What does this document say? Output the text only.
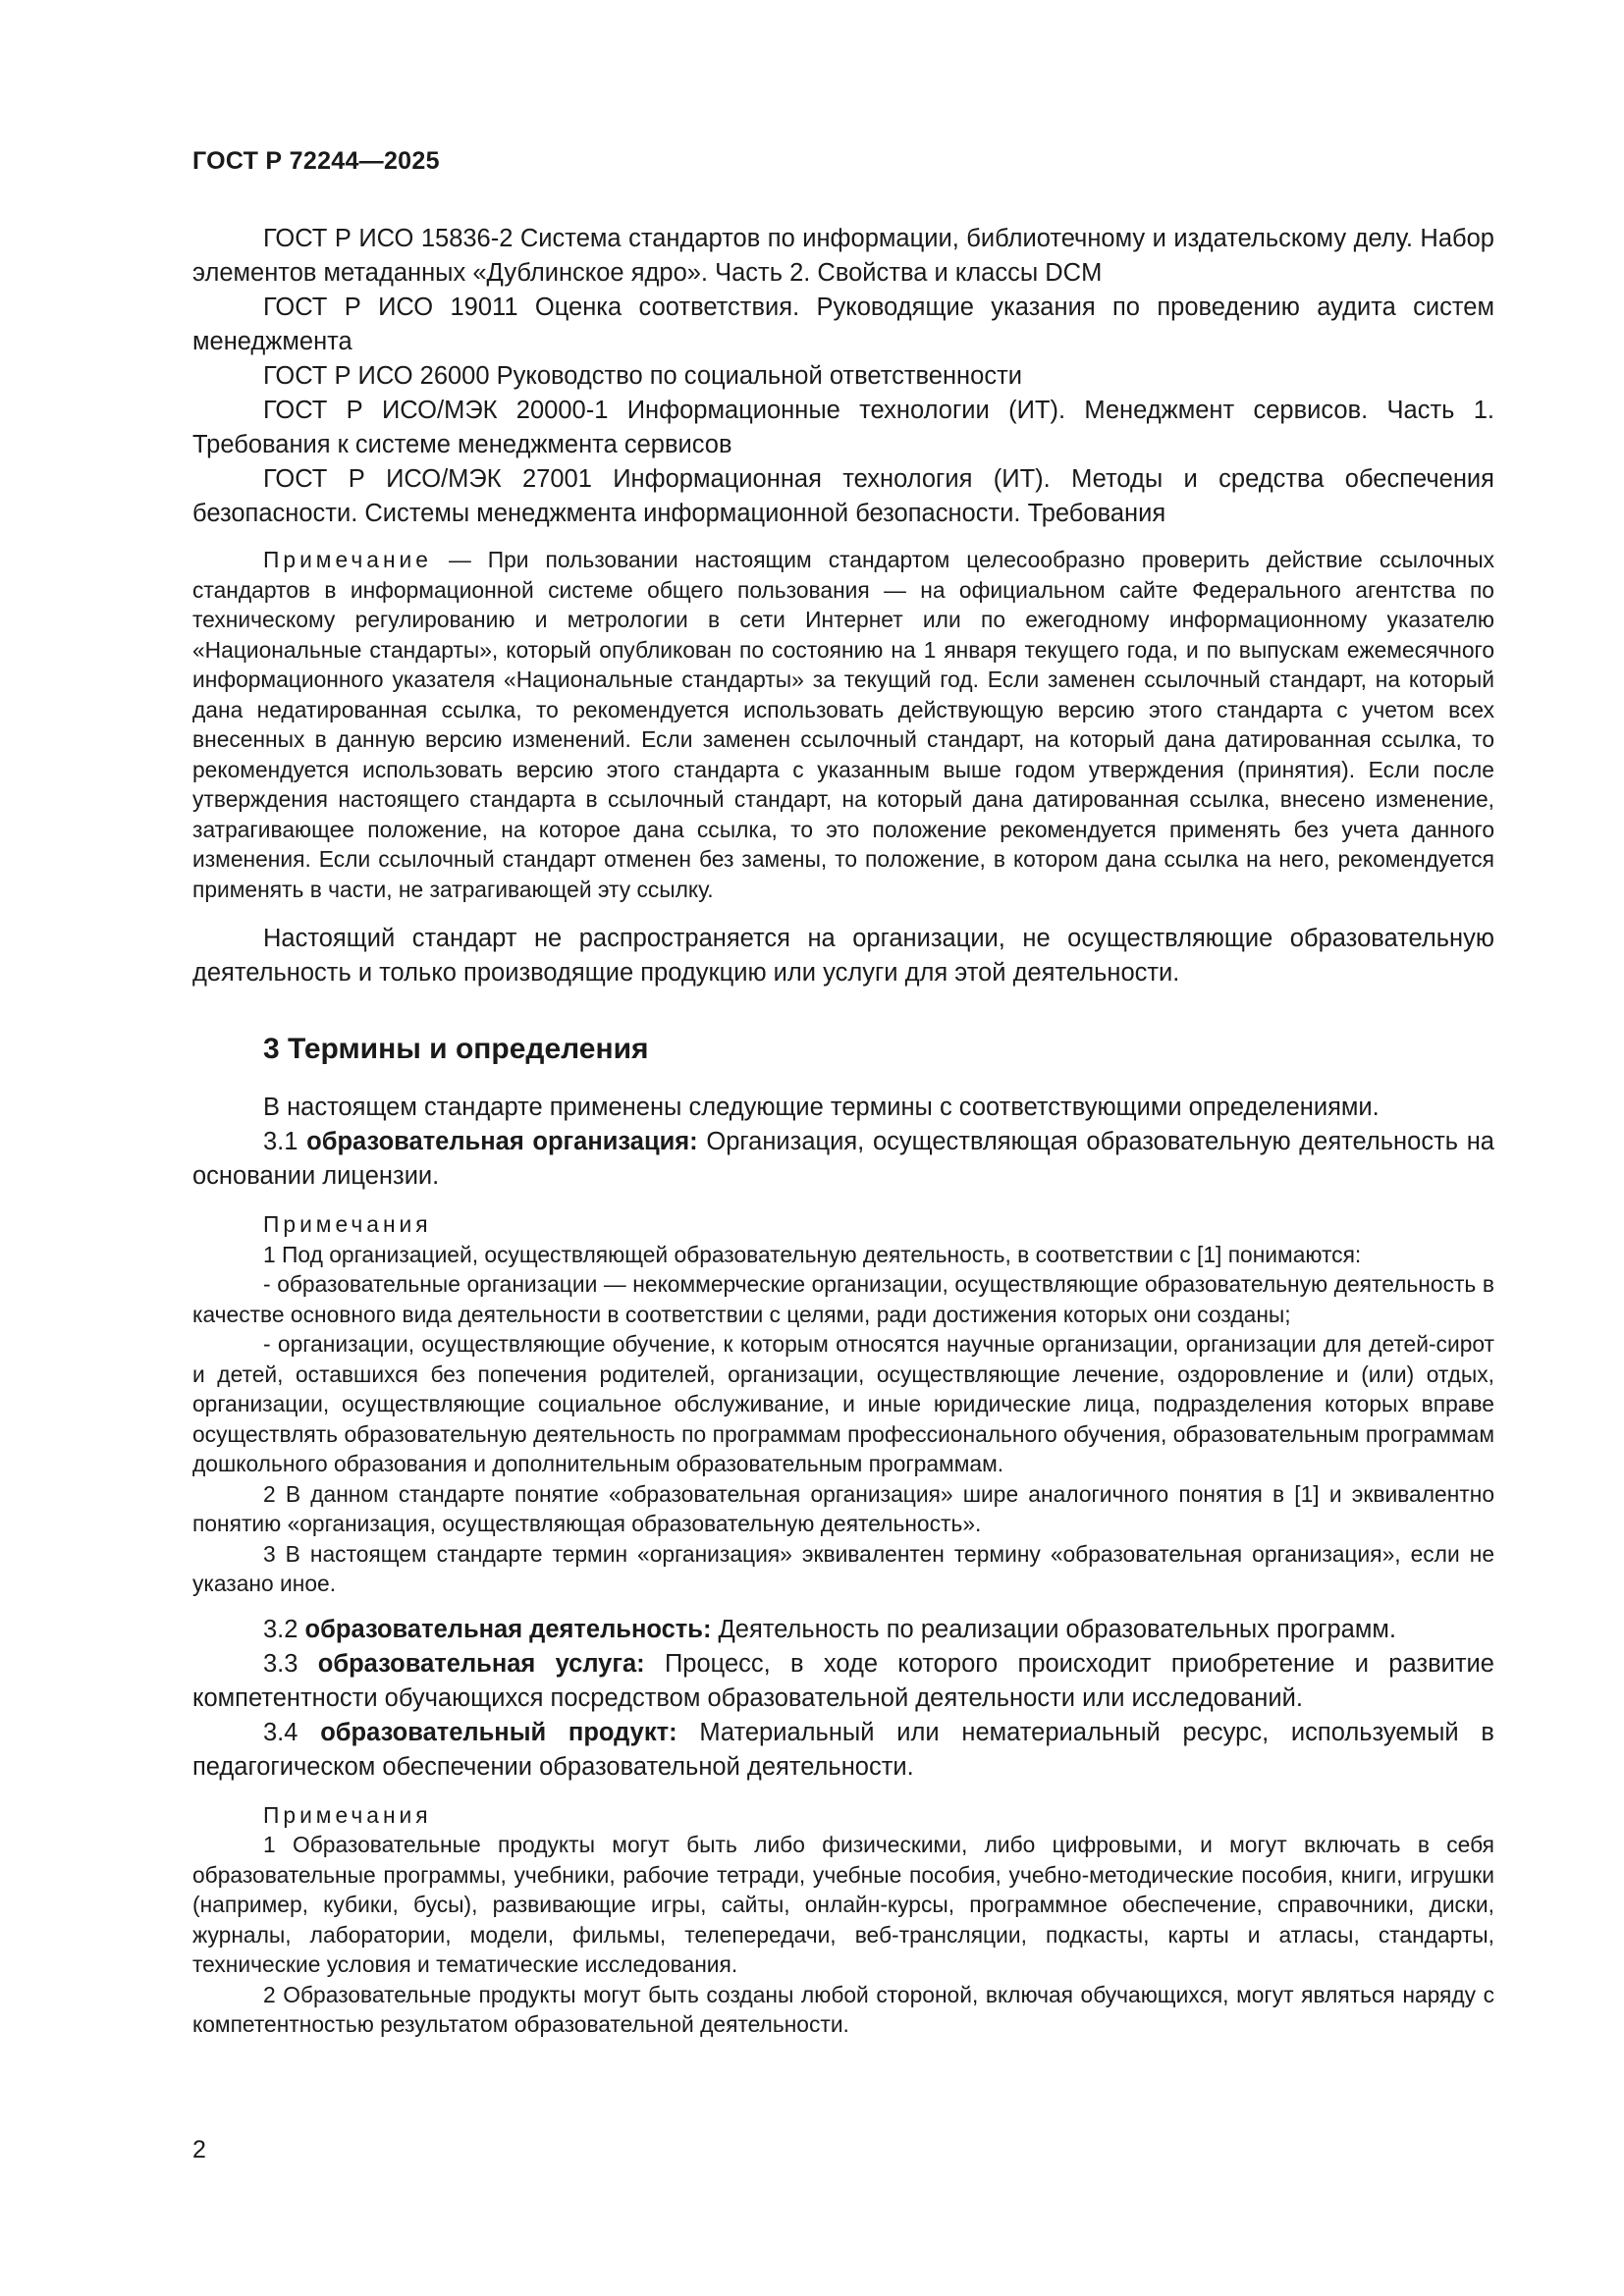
ГОСТ Р 72244—2025

ГОСТ Р ИСО 15836-2 Система стандартов по информации, библиотечному и издательскому делу. Набор элементов метаданных «Дублинское ядро». Часть 2. Свойства и классы DCM

ГОСТ Р ИСО 19011 Оценка соответствия. Руководящие указания по проведению аудита систем менеджмента

ГОСТ Р ИСО 26000 Руководство по социальной ответственности

ГОСТ Р ИСО/МЭК 20000-1 Информационные технологии (ИТ). Менеджмент сервисов. Часть 1. Требования к системе менеджмента сервисов

ГОСТ Р ИСО/МЭК 27001 Информационная технология (ИТ). Методы и средства обеспечения безопасности. Системы менеджмента информационной безопасности. Требования

Примечание — При пользовании настоящим стандартом целесообразно проверить действие ссылочных стандартов в информационной системе общего пользования — на официальном сайте Федерального агентства по техническому регулированию и метрологии в сети Интернет или по ежегодному информационному указателю «Национальные стандарты», который опубликован по состоянию на 1 января текущего года, и по выпускам ежемесячного информационного указателя «Национальные стандарты» за текущий год. Если заменен ссылочный стандарт, на который дана недатированная ссылка, то рекомендуется использовать действующую версию этого стандарта с учетом всех внесенных в данную версию изменений. Если заменен ссылочный стандарт, на который дана датированная ссылка, то рекомендуется использовать версию этого стандарта с указанным выше годом утверждения (принятия). Если после утверждения настоящего стандарта в ссылочный стандарт, на который дана датированная ссылка, внесено изменение, затрагивающее положение, на которое дана ссылка, то это положение рекомендуется применять без учета данного изменения. Если ссылочный стандарт отменен без замены, то положение, в котором дана ссылка на него, рекомендуется применять в части, не затрагивающей эту ссылку.

Настоящий стандарт не распространяется на организации, не осуществляющие образовательную деятельность и только производящие продукцию или услуги для этой деятельности.

3 Термины и определения

В настоящем стандарте применены следующие термины с соответствующими определениями.

3.1 образовательная организация: Организация, осуществляющая образовательную деятельность на основании лицензии.

Примечания

1 Под организацией, осуществляющей образовательную деятельность, в соответствии с [1] понимаются:

- образовательные организации — некоммерческие организации, осуществляющие образовательную деятельность в качестве основного вида деятельности в соответствии с целями, ради достижения которых они созданы;

- организации, осуществляющие обучение, к которым относятся научные организации, организации для детей-сирот и детей, оставшихся без попечения родителей, организации, осуществляющие лечение, оздоровление и (или) отдых, организации, осуществляющие социальное обслуживание, и иные юридические лица, подразделения которых вправе осуществлять образовательную деятельность по программам профессионального обучения, образовательным программам дошкольного образования и дополнительным образовательным программам.

2 В данном стандарте понятие «образовательная организация» шире аналогичного понятия в [1] и эквивалентно понятию «организация, осуществляющая образовательную деятельность».

3 В настоящем стандарте термин «организация» эквивалентен термину «образовательная организация», если не указано иное.

3.2 образовательная деятельность: Деятельность по реализации образовательных программ.

3.3 образовательная услуга: Процесс, в ходе которого происходит приобретение и развитие компетентности обучающихся посредством образовательной деятельности или исследований.

3.4 образовательный продукт: Материальный или нематериальный ресурс, используемый в педагогическом обеспечении образовательной деятельности.

Примечания

1 Образовательные продукты могут быть либо физическими, либо цифровыми, и могут включать в себя образовательные программы, учебники, рабочие тетради, учебные пособия, учебно-методические пособия, книги, игрушки (например, кубики, бусы), развивающие игры, сайты, онлайн-курсы, программное обеспечение, справочники, диски, журналы, лаборатории, модели, фильмы, телепередачи, веб-трансляции, подкасты, карты и атласы, стандарты, технические условия и тематические исследования.

2 Образовательные продукты могут быть созданы любой стороной, включая обучающихся, могут являться наряду с компетентностью результатом образовательной деятельности.

2
